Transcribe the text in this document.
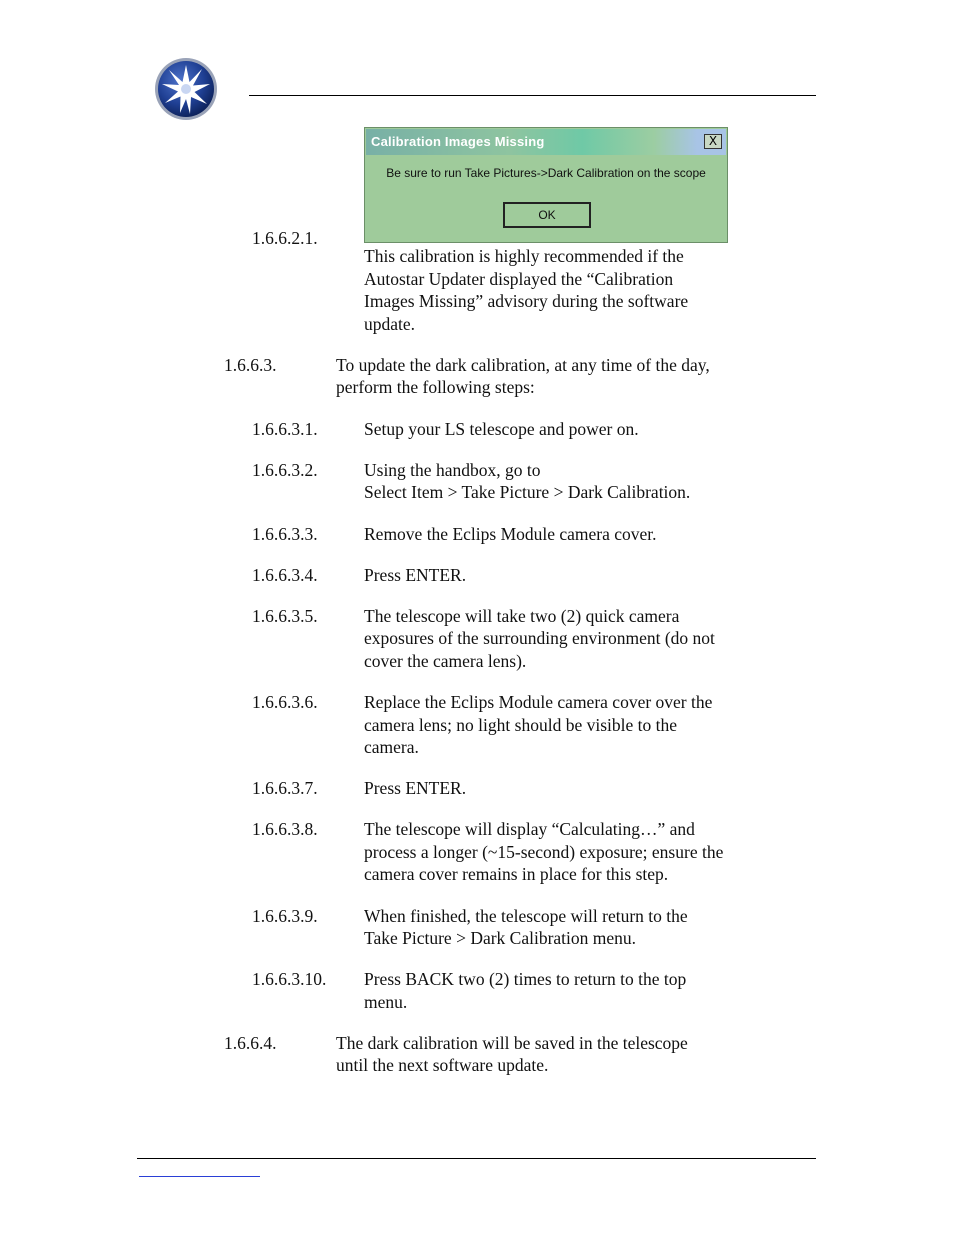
Calibration Images Missing	X
Be sure to run Take Pictures->Dark Calibration on the scope
OK
1.6.6.2.1.
This calibration is highly recommended if the
Autostar Updater displayed the “Calibration
Images Missing” advisory during the software
update.
1.6.6.3.	To update the dark calibration, at any time of the day,
perform the following steps:
1.6.6.3.1.	Setup your LS telescope and power on.
1.6.6.3.2.	Using the handbox, go to
Select Item > Take Picture > Dark Calibration.
1.6.6.3.3.	Remove the Eclips Module camera cover.
1.6.6.3.4.	Press ENTER.
1.6.6.3.5.	The telescope will take two (2) quick camera
exposures of the surrounding environment (do not
cover the camera lens).
1.6.6.3.6.	Replace the Eclips Module camera cover over the
camera lens; no light should be visible to the
camera.
1.6.6.3.7.	Press ENTER.
1.6.6.3.8.	The telescope will display “Calculating…” and
process a longer (~15-second) exposure; ensure the
camera cover remains in place for this step.
1.6.6.3.9.	When finished, the telescope will return to the
Take Picture > Dark Calibration menu.
1.6.6.3.10. Press BACK two (2) times to return to the top
menu.
1.6.6.4.	The dark calibration will be saved in the telescope
until the next software update.
